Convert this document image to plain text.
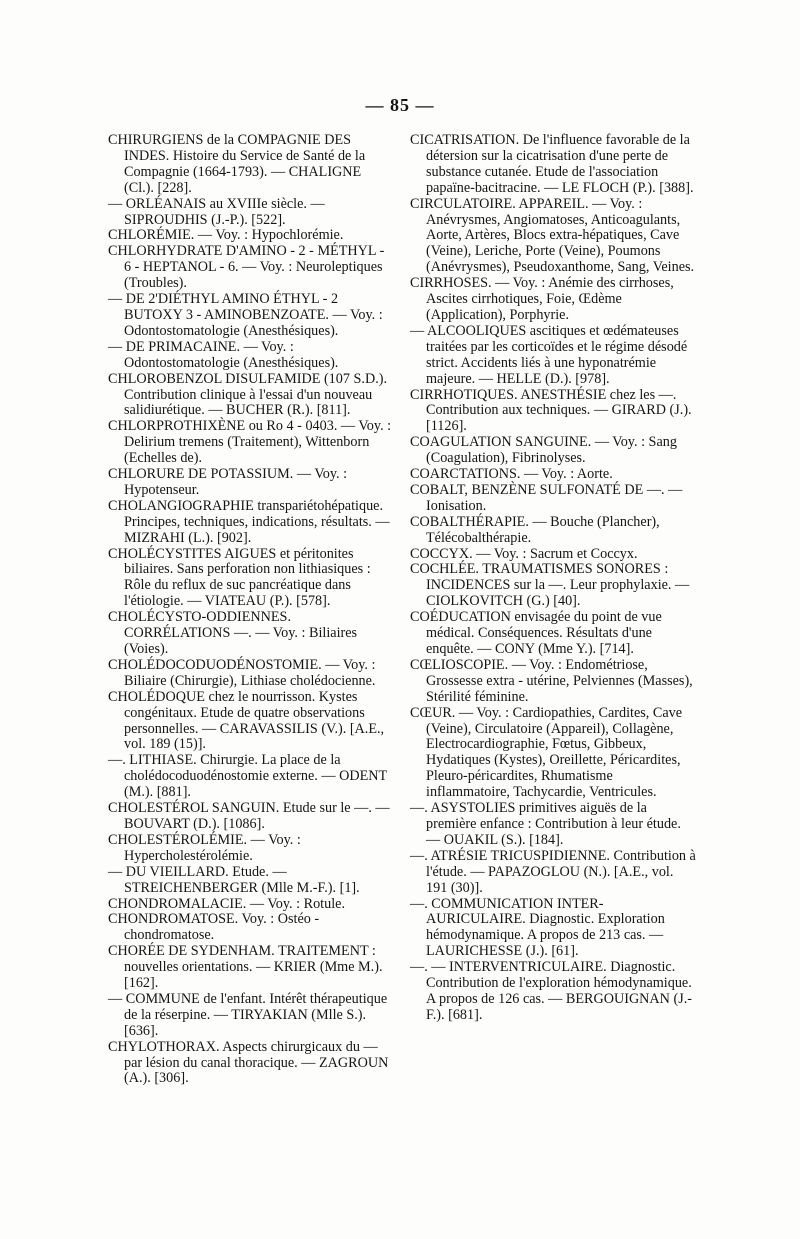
— 85 —

CHIRURGIENS de la COMPAGNIE DES INDES. Histoire du Service de Santé de la Compagnie (1664-1793). — CHALIGNE (Cl.). [228].

— ORLÉANAIS au XVIIIe siècle. — SIPROUDHIS (J.-P.). [522].

CHLORÉMIE. — Voy. : Hypochlorémie.

CHLORHYDRATE D'AMINO - 2 - MÉTHYL - 6 - HEPTANOL - 6. — Voy. : Neuroleptiques (Troubles).

— DE 2'DIÉTHYL AMINO ÉTHYL - 2 BUTOXY 3 - AMINOBENZOATE. — Voy. : Odontostomatologie (Anesthésiques).

— DE PRIMACAINE. — Voy. : Odontostomatologie (Anesthésiques).

CHLOROBENZOL DISULFAMIDE (107 S.D.). Contribution clinique à l'essai d'un nouveau salidiurétique. — BUCHER (R.). [811].

CHLORPROTHIXÈNE ou Ro 4 - 0403. — Voy. : Delirium tremens (Traitement), Wittenborn (Echelles de).

CHLORURE DE POTASSIUM. — Voy. : Hypotenseur.

CHOLANGIOGRAPHIE transpariétohépatique. Principes, techniques, indications, résultats. — MIZRAHI (L.). [902].

CHOLÉCYSTITES AIGUES et péritonites biliaires. Sans perforation non lithiasiques : Rôle du reflux de suc pancréatique dans l'étiologie. — VIATEAU (P.). [578].

CHOLÉCYSTO-ODDIENNES. CORRÉLATIONS —. — Voy. : Biliaires (Voies).

CHOLÉDOCODUODÉNOSTOMIE. — Voy. : Biliaire (Chirurgie), Lithiase cholédocienne.

CHOLÉDOQUE chez le nourrisson. Kystes congénitaux. Etude de quatre observations personnelles. — CARAVASSILIS (V.). [A.E., vol. 189 (15)].

—. LITHIASE. Chirurgie. La place de la cholédocoduodénostomie externe. — ODENT (M.). [881].

CHOLESTÉROL SANGUIN. Etude sur le —. — BOUVART (D.). [1086].

CHOLESTÉROLÉMIE. — Voy. : Hypercholestérolémie.

— DU VIEILLARD. Etude. — STREICHENBERGER (Mlle M.-F.). [1].

CHONDROMALACIE. — Voy. : Rotule.

CHONDROMATOSE. Voy. : Ostéo - chondromatose.

CHORÉE DE SYDENHAM. TRAITEMENT : nouvelles orientations. — KRIER (Mme M.). [162].

— COMMUNE de l'enfant. Intérêt thérapeutique de la réserpine. — TIRYAKIAN (Mlle S.). [636].

CHYLOTHORAX. Aspects chirurgicaux du — par lésion du canal thoracique. — ZAGROUN (A.). [306].

CICATRISATION. De l'influence favorable de la détersion sur la cicatrisation d'une perte de substance cutanée. Etude de l'association papaïne-bacitracine. — LE FLOCH (P.). [388].

CIRCULATOIRE. APPAREIL. — Voy. : Anévrysmes, Angiomatoses, Anticoagulants, Aorte, Artères, Blocs extra-hépatiques, Cave (Veine), Leriche, Porte (Veine), Poumons (Anévrysmes), Pseudoxanthome, Sang, Veines.

CIRRHOSES. — Voy. : Anémie des cirrhoses, Ascites cirrhotiques, Foie, Œdème (Application), Porphyrie.

— ALCOOLIQUES ascitiques et œdémateuses traitées par les corticoïdes et le régime désodé strict. Accidents liés à une hyponatrémie majeure. — HELLE (D.). [978].

CIRRHOTIQUES. ANESTHÉSIE chez les —. Contribution aux techniques. — GIRARD (J.). [1126].

COAGULATION SANGUINE. — Voy. : Sang (Coagulation), Fibrinolyses.

COARCTATIONS. — Voy. : Aorte.

COBALT, BENZÈNE SULFONATÉ DE —. — Ionisation.

COBALTHÉRAPIE. — Bouche (Plancher), Télécobalthérapie.

COCCYX. — Voy. : Sacrum et Coccyx.

COCHLÉE. TRAUMATISMES SONORES : INCIDENCES sur la —. Leur prophylaxie. — CIOLKOVITCH (G.) [40].

COÉDUCATION envisagée du point de vue médical. Conséquences. Résultats d'une enquête. — CONY (Mme Y.). [714].

CŒLIOSCOPIE. — Voy. : Endométriose, Grossesse extra - utérine, Pelviennes (Masses), Stérilité féminine.

CŒUR. — Voy. : Cardiopathies, Cardites, Cave (Veine), Circulatoire (Appareil), Collagène, Electrocardiographie, Fœtus, Gibbeux, Hydatiques (Kystes), Oreillette, Péricardites, Pleuro-péricardites, Rhumatisme inflammatoire, Tachycardie, Ventricules.

—. ASYSTOLIES primitives aiguës de la première enfance : Contribution à leur étude. — OUAKIL (S.). [184].

—. ATRÉSIE TRICUSPIDIENNE. Contribution à l'étude. — PAPAZOGLOU (N.). [A.E., vol. 191 (30)].

—. COMMUNICATION INTER-AURICULAIRE. Diagnostic. Exploration hémodynamique. A propos de 213 cas. — LAURICHESSE (J.). [61].

—. — INTERVENTRICULAIRE. Diagnostic. Contribution de l'exploration hémodynamique. A propos de 126 cas. — BERGOUIGNAN (J.-F.). [681].
